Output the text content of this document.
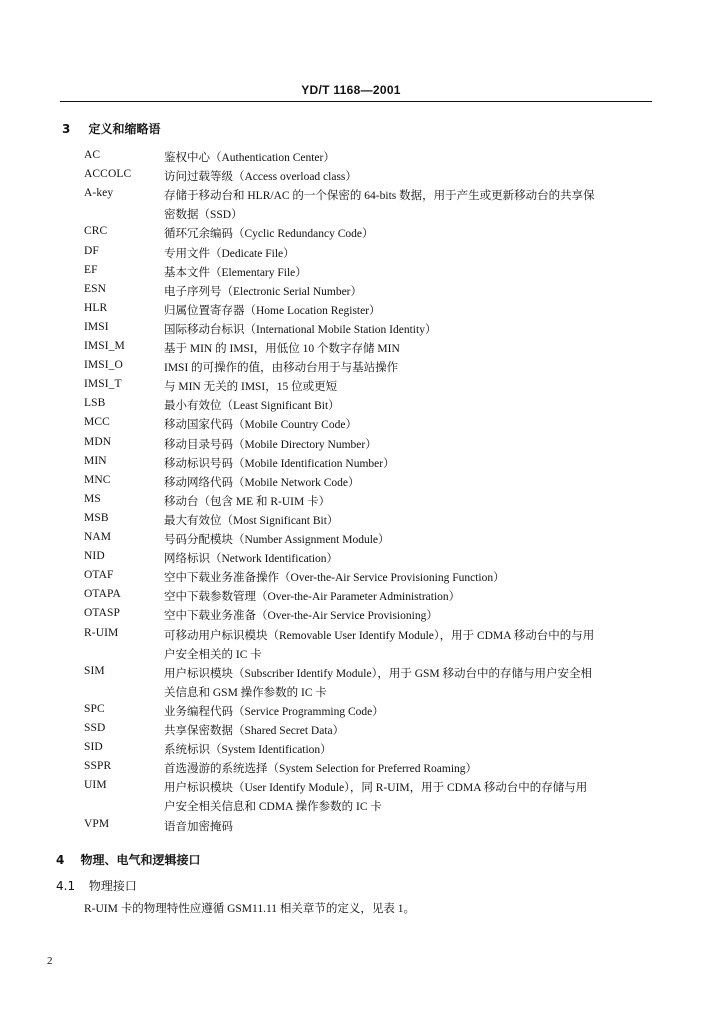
YD/T 1168—2001
3 定义和缩略语
AC	鉴权中心（Authentication Center）
ACCOLC	访问过载等级（Access overload class）
A-key	存储于移动台和 HLR/AC 的一个保密的 64-bits 数据，用于产生或更新移动台的共享保
密数据（SSD）
CRC	循环冗余编码（Cyclic Redundancy Code）
DF	专用文件（Dedicate File）
EF	基本文件（Elementary File）
ESN	电子序列号（Electronic Serial Number）
HLR	归属位置寄存器（Home Location Register）
IMSI	国际移动台标识（International Mobile Station Identity）
IMSI_M	基于 MIN 的 IMSI，用低位 10 个数字存储 MIN
IMSI_O	IMSI 的可操作的值，由移动台用于与基站操作
IMSI_T	与 MIN 无关的 IMSI，15 位或更短
LSB	最小有效位（Least Significant Bit）
MCC	移动国家代码（Mobile Country Code）
MDN	移动目录号码（Mobile Directory Number）
MIN	移动标识号码（Mobile Identification Number）
MNC	移动网络代码（Mobile Network Code）
MS	移动台（包含 ME 和 R-UIM 卡）
MSB	最大有效位（Most Significant Bit）
NAM	号码分配模块（Number Assignment Module）
NID	网络标识（Network Identification）
OTAF	空中下载业务准备操作（Over-the-Air Service Provisioning Function）
OTAPA	空中下载参数管理（Over-the-Air Parameter Administration）
OTASP	空中下载业务准备（Over-the-Air Service Provisioning）
R-UIM	可移动用户标识模块（Removable User Identify Module），用于 CDMA 移动台中的与用
户安全相关的 IC 卡
SIM	用户标识模块（Subscriber Identify Module），用于 GSM 移动台中的存储与用户安全相
关信息和 GSM 操作参数的 IC 卡
SPC	业务编程代码（Service Programming Code）
SSD	共享保密数据（Shared Secret Data）
SID	系统标识（System Identification）
SSPR	首选漫游的系统选择（System Selection for Preferred Roaming）
UIM	用户标识模块（User Identify Module），同 R-UIM，用于 CDMA 移动台中的存储与用
户安全相关信息和 CDMA 操作参数的 IC 卡
VPM	语音加密掩码
4 物理、电气和逻辑接口
4.1 物理接口
R-UIM 卡的物理特性应遵循 GSM11.11 相关章节的定义，见表 1。
2
